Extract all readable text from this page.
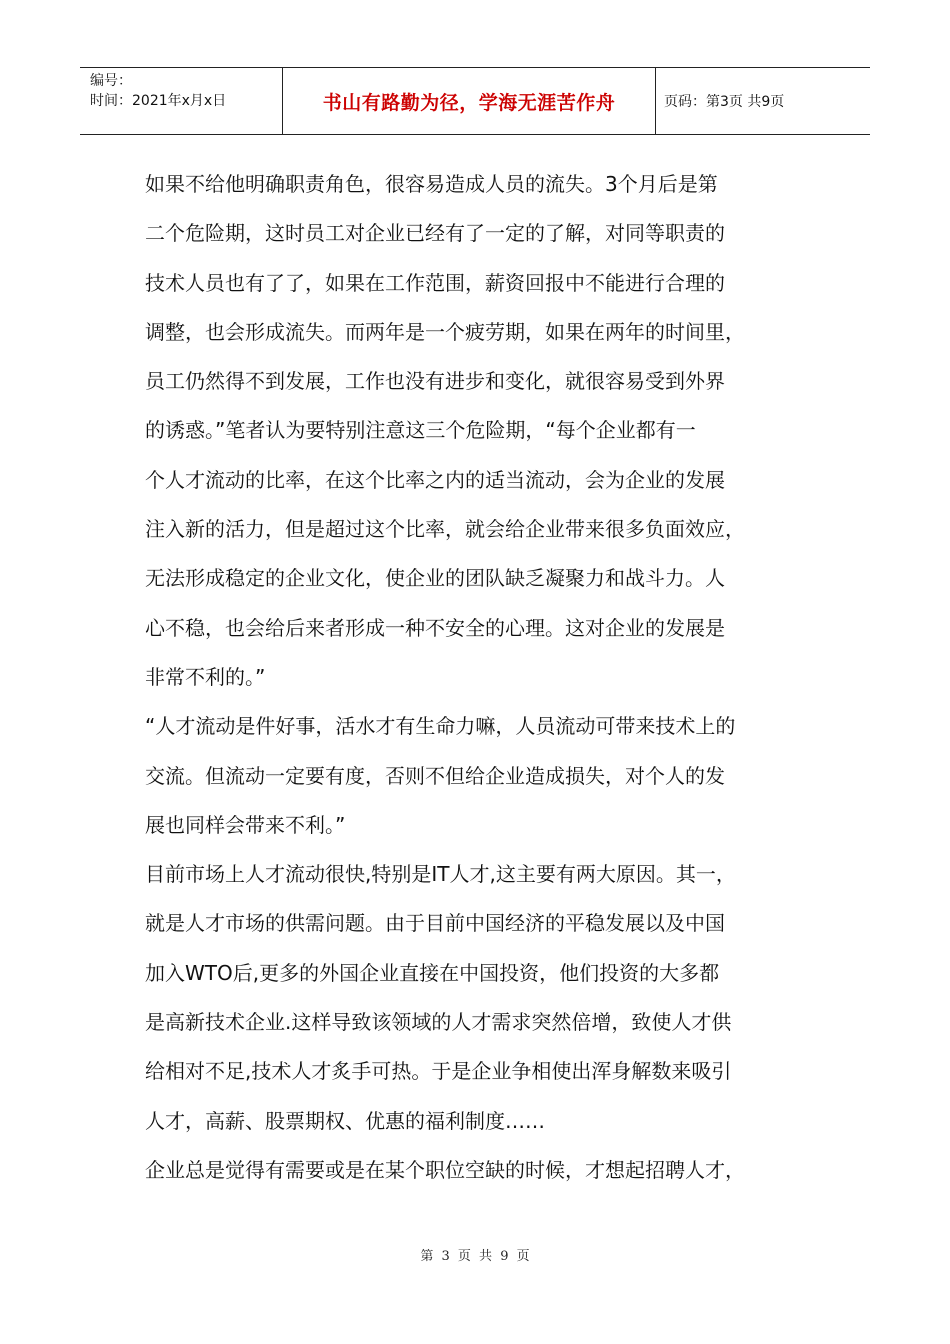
编号：
时间：2021年x月x日	书山有路勤为径，学海无涯苦作舟	页码：第3页 共9页
如果不给他明确职责角色，很容易造成人员的流失。3个月后是第
二个危险期，这时员工对企业已经有了一定的了解，对同等职责的
技术人员也有了了，如果在工作范围，薪资回报中不能进行合理的
调整，也会形成流失。而两年是一个疲劳期，如果在两年的时间里，
员工仍然得不到发展，工作也没有进步和变化，就很容易受到外界
的诱惑。”笔者认为要特别注意这三个危险期，“每个企业都有一
个人才流动的比率，在这个比率之内的适当流动，会为企业的发展
注入新的活力，但是超过这个比率，就会给企业带来很多负面效应，
无法形成稳定的企业文化，使企业的团队缺乏凝聚力和战斗力。人
心不稳，也会给后来者形成一种不安全的心理。这对企业的发展是
非常不利的。”
“人才流动是件好事，活水才有生命力嘛，人员流动可带来技术上的
交流。但流动一定要有度，否则不但给企业造成损失，对个人的发
展也同样会带来不利。”
目前市场上人才流动很快,特别是IT人才,这主要有两大原因。其一，
就是人才市场的供需问题。由于目前中国经济的平稳发展以及中国
加入WTO后,更多的外国企业直接在中国投资，他们投资的大多都
是高新技术企业.这样导致该领域的人才需求突然倍增，致使人才供
给相对不足,技术人才炙手可热。于是企业争相使出浑身解数来吸引
人才，高薪、股票期权、优惠的福利制度……
企业总是觉得有需要或是在某个职位空缺的时候，才想起招聘人才，
第 3 页 共 9 页
